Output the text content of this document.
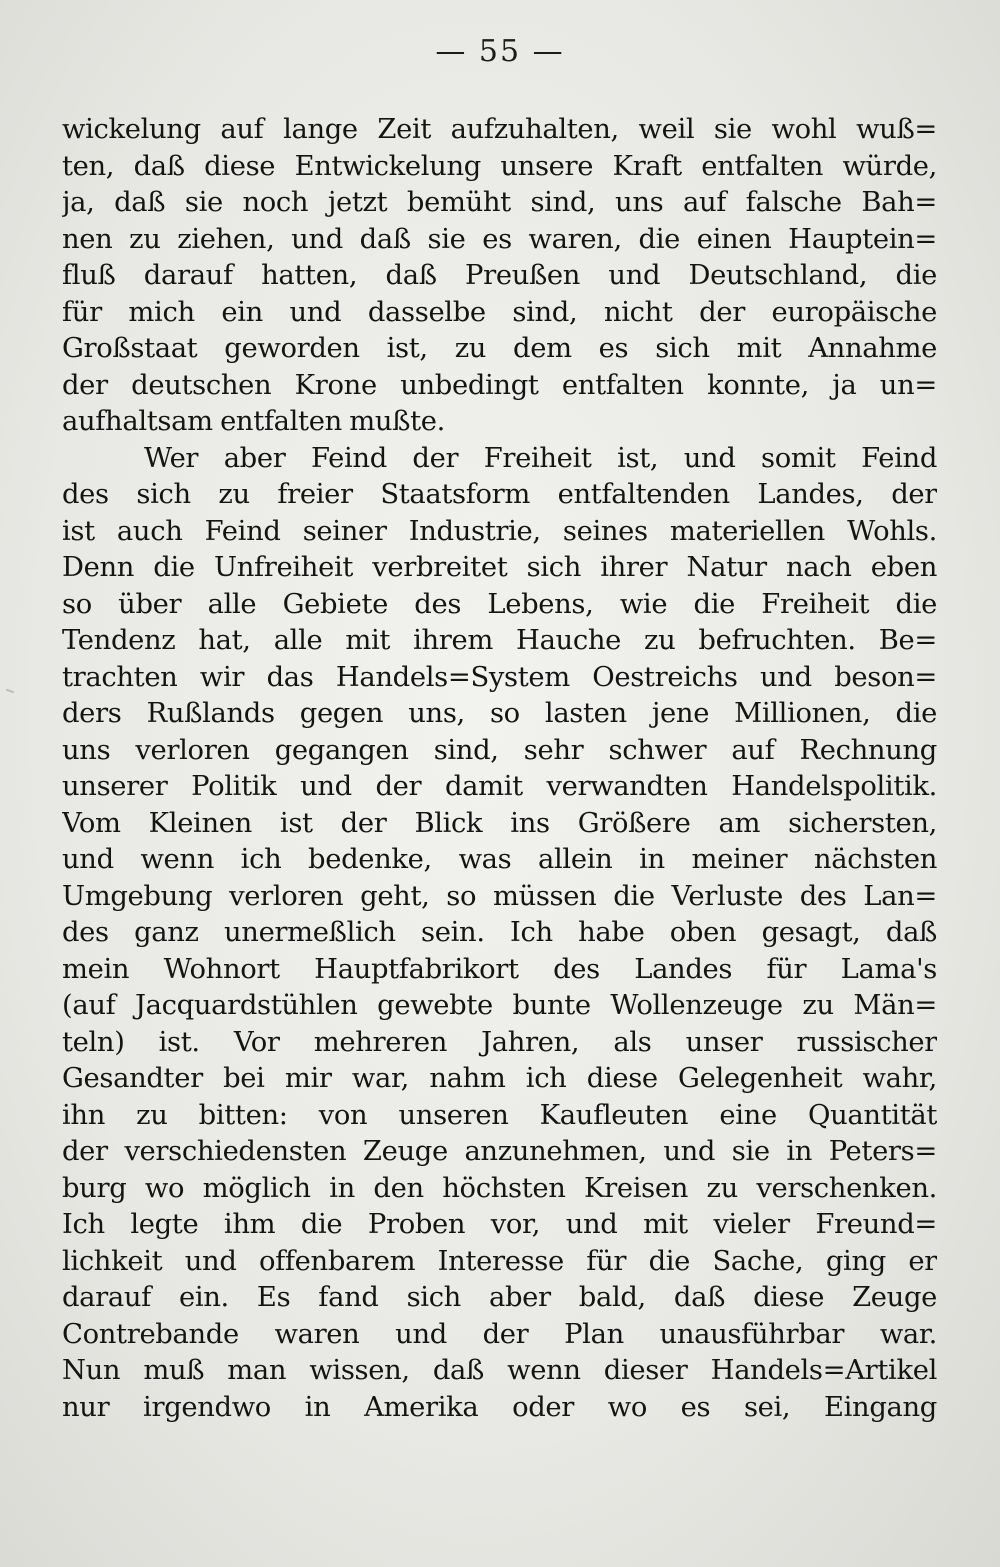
— 55 —
wickelung auf lange Zeit aufzuhalten, weil sie wohl wuß=
ten, daß diese Entwickelung unsere Kraft entfalten würde,
ja, daß sie noch jetzt bemüht sind, uns auf falsche Bah=
nen zu ziehen, und daß sie es waren, die einen Hauptein=
fluß darauf hatten, daß Preußen und Deutschland, die
für mich ein und dasselbe sind, nicht der europäische
Großstaat geworden ist, zu dem es sich mit Annahme
der deutschen Krone unbedingt entfalten konnte, ja un=
aufhaltsam entfalten mußte.
Wer aber Feind der Freiheit ist, und somit Feind
des sich zu freier Staatsform entfaltenden Landes, der
ist auch Feind seiner Industrie, seines materiellen Wohls.
Denn die Unfreiheit verbreitet sich ihrer Natur nach eben
so über alle Gebiete des Lebens, wie die Freiheit die
Tendenz hat, alle mit ihrem Hauche zu befruchten. Be=
trachten wir das Handels=System Oestreichs und beson=
ders Rußlands gegen uns, so lasten jene Millionen, die
uns verloren gegangen sind, sehr schwer auf Rechnung
unserer Politik und der damit verwandten Handelspolitik.
Vom Kleinen ist der Blick ins Größere am sichersten,
und wenn ich bedenke, was allein in meiner nächsten
Umgebung verloren geht, so müssen die Verluste des Lan=
des ganz unermeßlich sein. Ich habe oben gesagt, daß
mein Wohnort Hauptfabrikort des Landes für Lama's
(auf Jacquardstühlen gewebte bunte Wollenzeuge zu Män=
teln) ist. Vor mehreren Jahren, als unser russischer
Gesandter bei mir war, nahm ich diese Gelegenheit wahr,
ihn zu bitten: von unseren Kaufleuten eine Quantität
der verschiedensten Zeuge anzunehmen, und sie in Peters=
burg wo möglich in den höchsten Kreisen zu verschenken.
Ich legte ihm die Proben vor, und mit vieler Freund=
lichkeit und offenbarem Interesse für die Sache, ging er
darauf ein. Es fand sich aber bald, daß diese Zeuge
Contrebande waren und der Plan unausführbar war.
Nun muß man wissen, daß wenn dieser Handels=Artikel
nur irgendwo in Amerika oder wo es sei, Eingang
